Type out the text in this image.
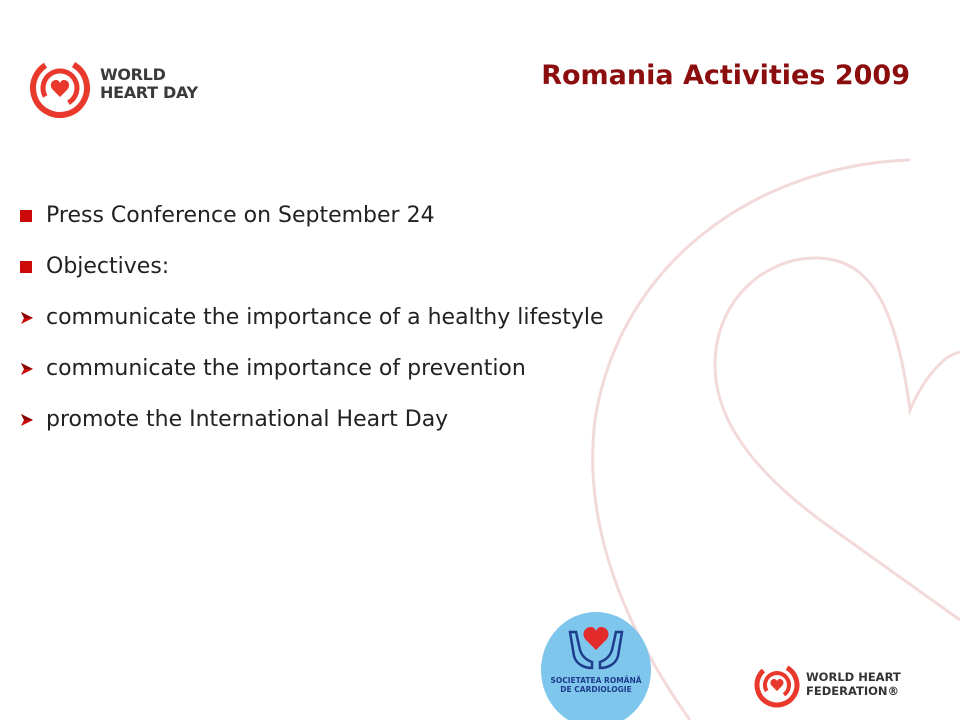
WORLD
HEART DAY
Romania Activities 2009
Press Conference on September 24
Objectives:
communicate the importance of a healthy lifestyle
communicate the importance of prevention
promote the International Heart Day
SOCIETATEA ROMÂNĂ
DE CARDIOLOGIE
WORLD HEART
FEDERATION®
